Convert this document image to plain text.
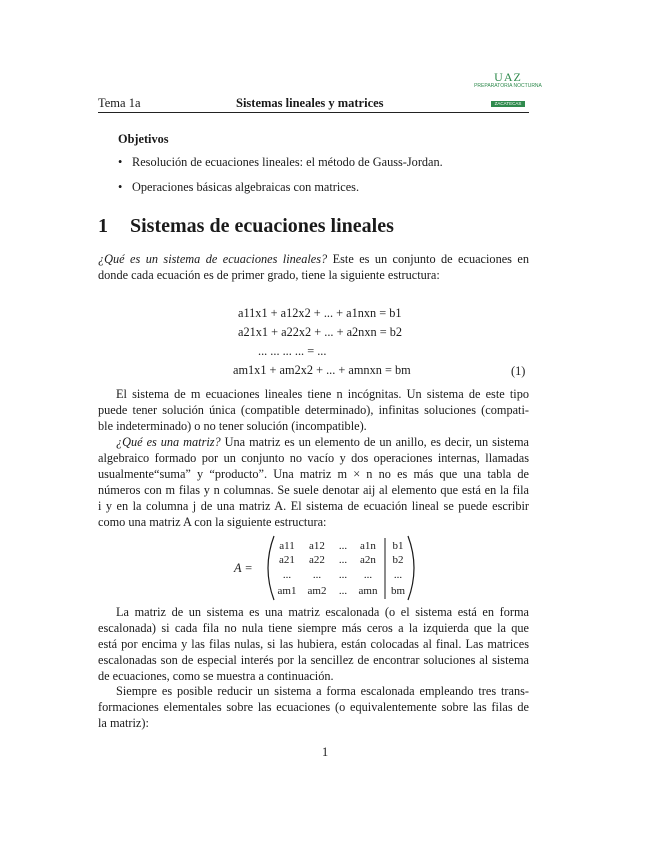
UAZ
PREPARATORIA NOCTURNA
ZACATECAS
Tema 1a	Sistemas lineales y matrices
Objetivos
• Resolución de ecuaciones lineales: el método de Gauss-Jordan.
• Operaciones básicas algebraicas con matrices.
1 Sistemas de ecuaciones lineales
¿Qué es un sistema de ecuaciones lineales? Este es un conjunto de ecuaciones en
donde cada ecuación es de primer grado, tiene la siguiente estructura:
a11x1 + a12x2 + ... + a1nxn = b1
a21x1 + a22x2 + ... + a2nxn = b2
... ... ... ... = ...
am1x1 + am2x2 + ... + amnxn = bm	(1)
El sistema de m ecuaciones lineales tiene n incógnitas. Un sistema de este tipo
puede tener solución única (compatible determinado), infinitas soluciones (compati-
ble indeterminado) o no tener solución (incompatible).
¿Qué es una matriz? Una matriz es un elemento de un anillo, es decir, un sistema
algebraico formado por un conjunto no vacío y dos operaciones internas, llamadas
usualmente“suma” y “producto”. Una matriz m × n no es más que una tabla de
números con m filas y n columnas. Se suele denotar aij al elemento que está en la fila
i y en la columna j de una matriz A. El sistema de ecuación lineal se puede escribir
como una matriz A con la siguiente estructura:
A =
a11	a12	...	a1n	b1
a21	a22	...	a2n	b2
...	...	...	...	...
am1	am2	...	amn	bm
La matriz de un sistema es una matriz escalonada (o el sistema está en forma
escalonada) si cada fila no nula tiene siempre más ceros a la izquierda que la que
está por encima y las filas nulas, si las hubiera, están colocadas al final. Las matrices
escalonadas son de especial interés por la sencillez de encontrar soluciones al sistema
de ecuaciones, como se muestra a continuación.
Siempre es posible reducir un sistema a forma escalonada empleando tres trans-
formaciones elementales sobre las ecuaciones (o equivalentemente sobre las filas de
la matriz):
1
